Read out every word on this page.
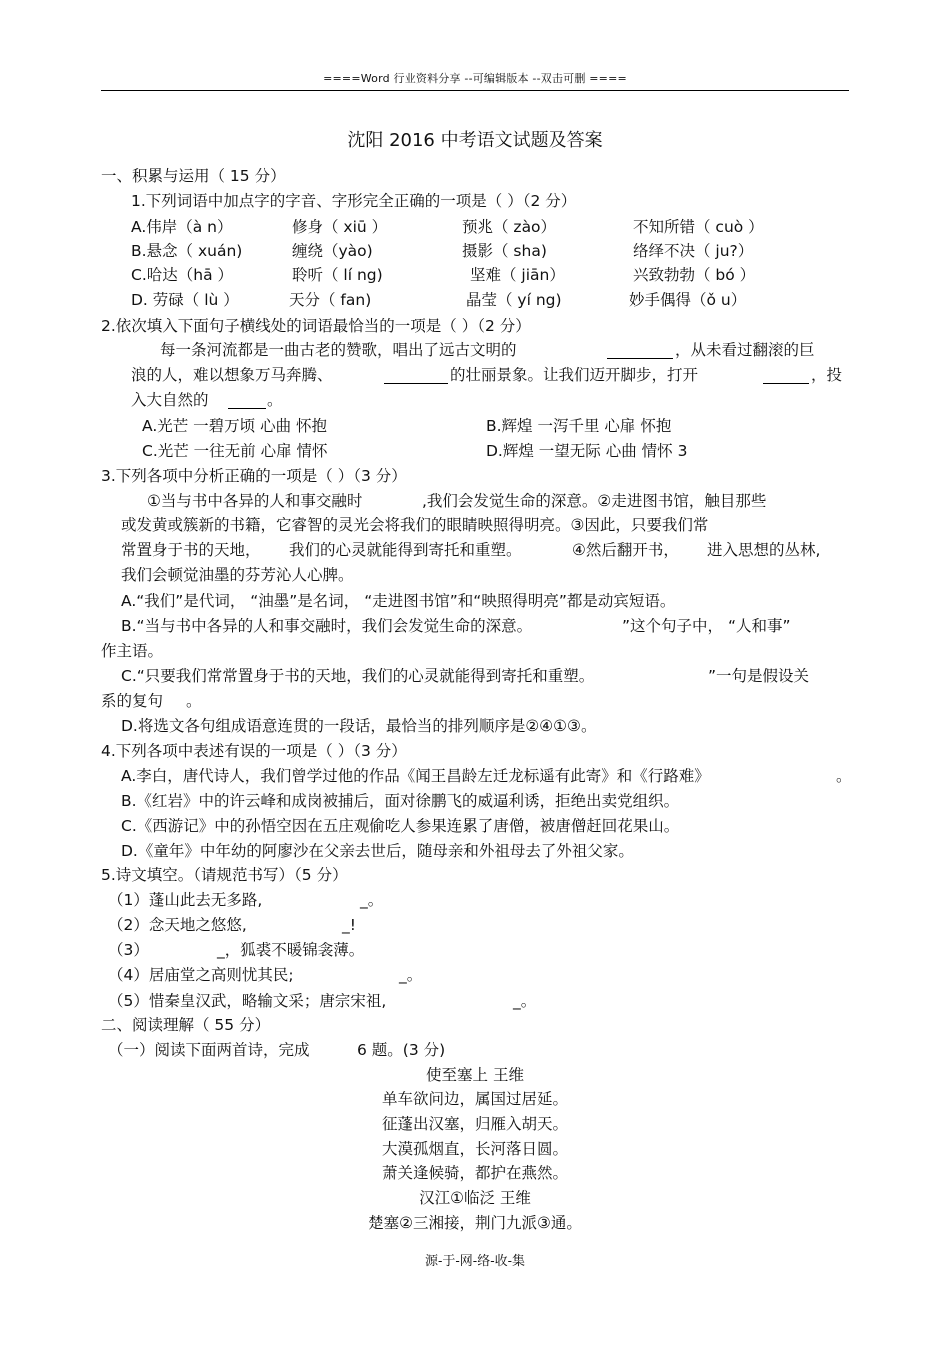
====Word 行业资料分享 --可编辑版本 --双击可删 ====
沈阳 2016 中考语文试题及答案
一、积累与运用（ 15 分）
1.下列词语中加点字的字音、字形完全正确的一项是（ ）（2 分）
A.伟岸（à n）	修身（ xiū ）	预兆（ zào）	不知所错（ cuò ）
B.悬念（ xuán)	缠绕（yào)	摄影（ sha)	络绎不决（ ju?）
C.哈达（hā ）	聆听（ lí ng)	坚难（ jiān）	兴致勃勃（ bó ）
D. 劳碌（ lù ）	天分（ fan)	晶莹（ yí ng)	妙手偶得（ǒ u）
2.依次填入下面句子横线处的词语最恰当的一项是（ ）（2 分）
每一条河流都是一曲古老的赞歌，唱出了远古文明的	，从未看过翻滚的巨
浪的人，难以想象万马奔腾、	的壮丽景象。让我们迈开脚步，打开	，投
入大自然的	。
A.光芒 一碧万顷 心曲 怀抱	B.辉煌 一泻千里 心扉 怀抱
C.光芒 一往无前 心扉 情怀	D.辉煌 一望无际 心曲 情怀 3
3.下列各项中分析正确的一项是（ ）（3 分）
①当与书中各异的人和事交融时	,我们会发觉生命的深意。②走进图书馆，触目那些
或发黄或簇新的书籍，它睿智的灵光会将我们的眼睛映照得明亮。③因此，只要我们常
常置身于书的天地， 我们的心灵就能得到寄托和重塑。	④然后翻开书， 进入思想的丛林,
我们会顿觉油墨的芬芳沁人心脾。
A.“我们”是代词， “油墨”是名词， “走进图书馆”和“映照得明亮”都是动宾短语。
B.“当与书中各异的人和事交融时，我们会发觉生命的深意。	”这个句子中， “人和事”
作主语。
C.“只要我们常常置身于书的天地，我们的心灵就能得到寄托和重塑。	”一句是假设关
系的复句 。
D.将选文各句组成语意连贯的一段话，最恰当的排列顺序是②④①③。
4.下列各项中表述有误的一项是（ ）（3 分）
A.李白，唐代诗人，我们曾学过他的作品《闻王昌龄左迁龙标遥有此寄》和《行路难》	。
B.《红岩》中的许云峰和成岗被捕后，面对徐鹏飞的威逼利诱，拒绝出卖党组织。
C.《西游记》中的孙悟空因在五庄观偷吃人参果连累了唐僧，被唐僧赶回花果山。
D.《童年》中年幼的阿廖沙在父亲去世后，随母亲和外祖母去了外祖父家。
5.诗文填空。（请规范书写）（5 分）
（1）蓬山此去无多路,	_。
（2）念天地之悠悠,	_!
（3）	_，狐裘不暖锦衾薄。
（4）居庙堂之高则忧其民;	_。
（5）惜秦皇汉武，略输文采；唐宗宋祖,	_。
二、阅读理解（ 55 分）
（一）阅读下面两首诗，完成	6 题。(3 分)
使至塞上 王维
单车欲问边，属国过居延。
征蓬出汉塞，归雁入胡天。
大漠孤烟直，长河落日圆。
萧关逢候骑，都护在燕然。
汉江①临泛 王维
楚塞②三湘接，荆门九派③通。
源-于-网-络-收-集
